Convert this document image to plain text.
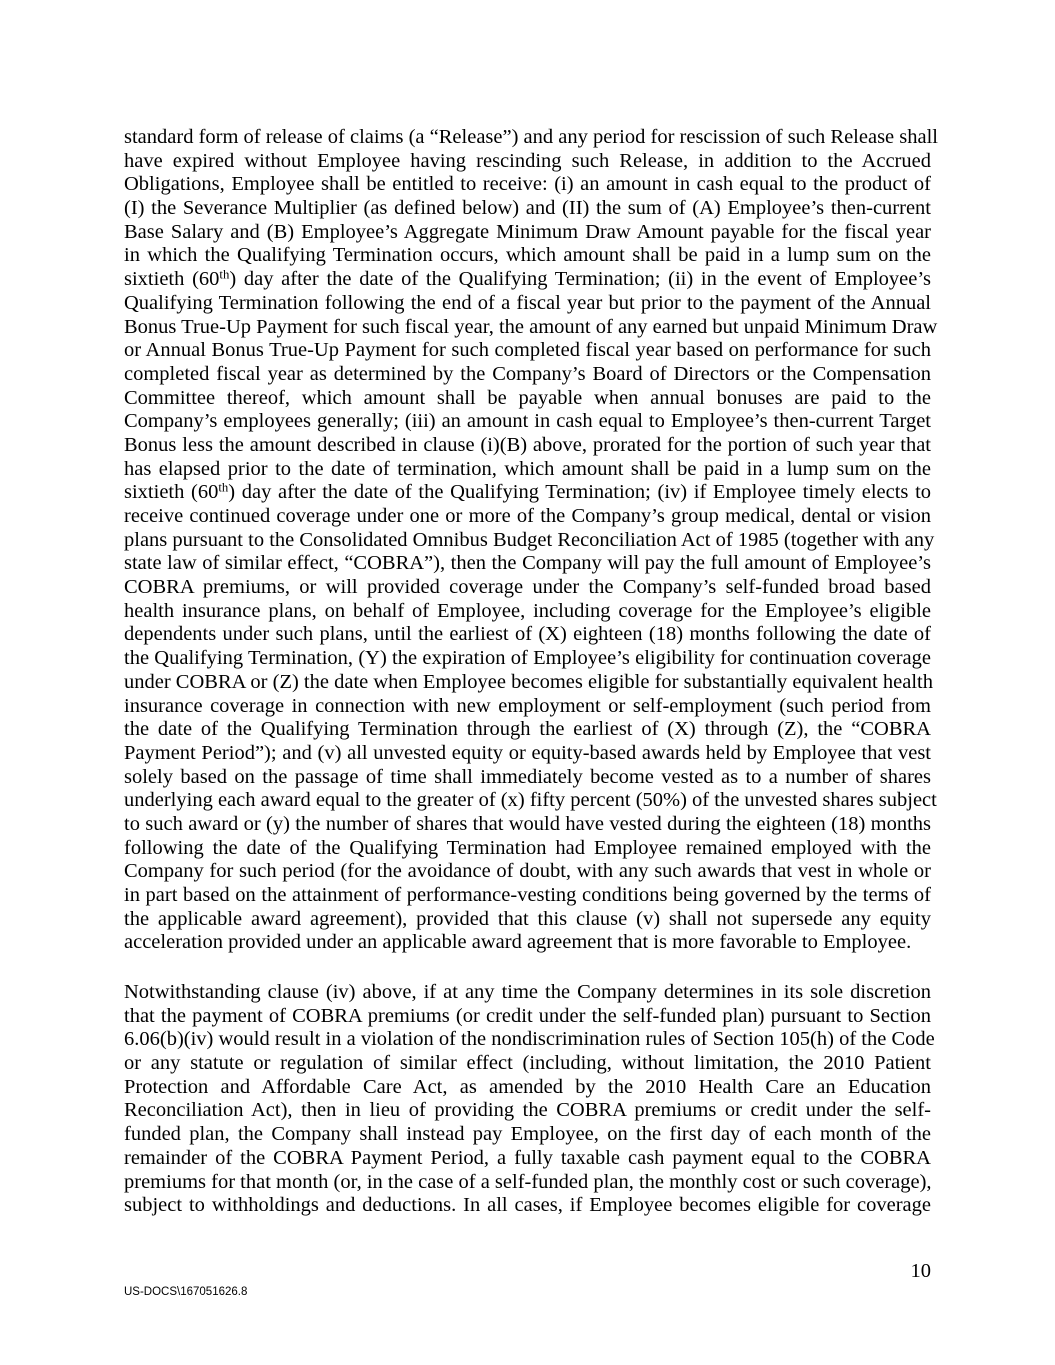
standard form of release of claims (a “Release”) and any period for rescission of such Release shall
have expired without Employee having rescinding such Release, in addition to the Accrued
Obligations, Employee shall be entitled to receive: (i) an amount in cash equal to the product of
(I) the Severance Multiplier (as defined below) and (II) the sum of (A) Employee’s then-current
Base Salary and (B) Employee’s Aggregate Minimum Draw Amount payable for the fiscal year
in which the Qualifying Termination occurs, which amount shall be paid in a lump sum on the
sixtieth (60th) day after the date of the Qualifying Termination; (ii) in the event of Employee’s
Qualifying Termination following the end of a fiscal year but prior to the payment of the Annual
Bonus True-Up Payment for such fiscal year, the amount of any earned but unpaid Minimum Draw
or Annual Bonus True-Up Payment for such completed fiscal year based on performance for such
completed fiscal year as determined by the Company’s Board of Directors or the Compensation
Committee thereof, which amount shall be payable when annual bonuses are paid to the
Company’s employees generally; (iii) an amount in cash equal to Employee’s then-current Target
Bonus less the amount described in clause (i)(B) above, prorated for the portion of such year that
has elapsed prior to the date of termination, which amount shall be paid in a lump sum on the
sixtieth (60th) day after the date of the Qualifying Termination; (iv) if Employee timely elects to
receive continued coverage under one or more of the Company’s group medical, dental or vision
plans pursuant to the Consolidated Omnibus Budget Reconciliation Act of 1985 (together with any
state law of similar effect, “COBRA”), then the Company will pay the full amount of Employee’s
COBRA premiums, or will provided coverage under the Company’s self-funded broad based
health insurance plans, on behalf of Employee, including coverage for the Employee’s eligible
dependents under such plans, until the earliest of (X) eighteen (18) months following the date of
the Qualifying Termination, (Y) the expiration of Employee’s eligibility for continuation coverage
under COBRA or (Z) the date when Employee becomes eligible for substantially equivalent health
insurance coverage in connection with new employment or self-employment (such period from
the date of the Qualifying Termination through the earliest of (X) through (Z), the “COBRA
Payment Period”); and (v) all unvested equity or equity-based awards held by Employee that vest
solely based on the passage of time shall immediately become vested as to a number of shares
underlying each award equal to the greater of (x) fifty percent (50%) of the unvested shares subject
to such award or (y) the number of shares that would have vested during the eighteen (18) months
following the date of the Qualifying Termination had Employee remained employed with the
Company for such period (for the avoidance of doubt, with any such awards that vest in whole or
in part based on the attainment of performance-vesting conditions being governed by the terms of
the applicable award agreement), provided that this clause (v) shall not supersede any equity
acceleration provided under an applicable award agreement that is more favorable to Employee.
Notwithstanding clause (iv) above, if at any time the Company determines in its sole discretion
that the payment of COBRA premiums (or credit under the self-funded plan) pursuant to Section
6.06(b)(iv) would result in a violation of the nondiscrimination rules of Section 105(h) of the Code
or any statute or regulation of similar effect (including, without limitation, the 2010 Patient
Protection and Affordable Care Act, as amended by the 2010 Health Care an Education
Reconciliation Act), then in lieu of providing the COBRA premiums or credit under the self-
funded plan, the Company shall instead pay Employee, on the first day of each month of the
remainder of the COBRA Payment Period, a fully taxable cash payment equal to the COBRA
premiums for that month (or, in the case of a self-funded plan, the monthly cost or such coverage),
subject to withholdings and deductions. In all cases, if Employee becomes eligible for coverage
10
US-DOCS\167051626.8
